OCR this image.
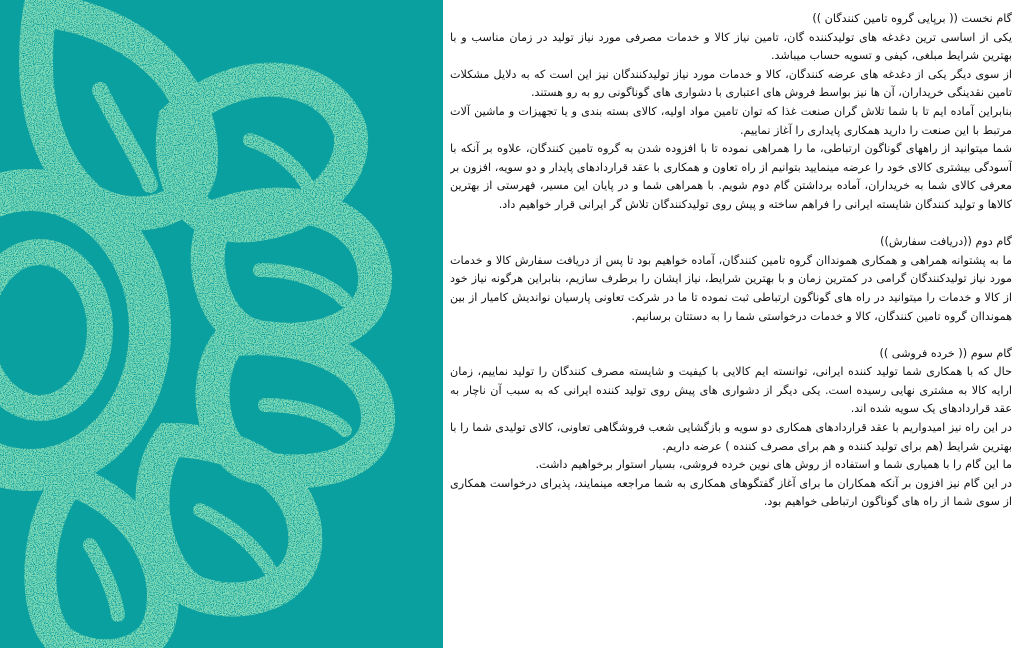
گام نخست (( برپایی گروه تامین کنندگان ))

یکی از اساسی ترین دغدغه های تولیدکننده گان، تامین نیاز کالا و خدمات مصرفی مورد نیاز تولید در زمان مناسب و با بهترین شرایط مبلغی، کیفی و تسویه حساب میباشد.

از سوی دیگر یکی از دغدغه های عرضه کنندگان، کالا و خدمات مورد نیاز تولیدکنندگان نیز این است که به دلایل مشکلات تامین نقدینگی خریداران، آن ها نیز بواسط فروش های اعتباری با دشواری های گوناگونی رو به رو هستند.

بنابراین آماده ایم تا با شما تلاش گران صنعت غذا که توان تامین مواد اولیه، کالای بسته بندی و یا تجهیزات و ماشین آلات مرتبط با این صنعت را دارید همکاری پایداری را آغاز نماییم.

شما میتوانید از راههای گوناگون ارتباطی، ما را همراهی نموده تا با افزوده شدن به گروه تامین کنندگان، علاوه بر آنکه با آسودگی بیشتری کالای خود را عرضه مینمایید بتوانیم از راه تعاون و همکاری با عقد قراردادهای پایدار و دو سویه، افزون بر معرفی کالای شما به خریداران، آماده برداشتن گام دوم شویم. با همراهی شما و در پایان این مسیر، فهرستی از بهترین کالاها و تولید کنندگان شایسته ایرانی را فراهم ساخته و پیش روی تولیدکنندگان تلاش گر ایرانی قرار خواهیم داد.

گام دوم ((دریافت سفارش))

ما به پشتوانه همراهی و همکاری همونداان گروه تامین کنندگان، آماده خواهیم بود تا پس از دریافت سفارش کالا و خدمات مورد نیاز تولیدکنندگان گرامی در کمترین زمان و با بهترین شرایط، نیاز ایشان را برطرف سازیم، بنابراین هرگونه نیاز خود از کالا و خدمات را میتوانید در راه های گوناگون ارتباطی ثبت نموده تا ما در شرکت تعاونی پارسیان نواندیش کامیار از بین همونداان گروه تامین کنندگان، کالا و خدمات درخواستی شما را به دستتان برسانیم.

گام سوم (( خرده فروشی ))

حال که با همکاری شما تولید کننده ایرانی، توانسته ایم کالایی با کیفیت و شایسته مصرف کنندگان را تولید نماییم، زمان ارایه کالا به مشتری نهایی رسیده است. یکی دیگر از دشواری های پیش روی تولید کننده ایرانی که به سبب آن ناچار به عقد قراردادهای یک سویه شده اند.

در این راه نیز امیدواریم با عقد قراردادهای همکاری دو سویه و بازگشایی شعب فروشگاهی تعاونی، کالای تولیدی شما را با بهترین شرایط (هم برای تولید کننده و هم برای مصرف کننده ) عرضه داریم.

ما این گام را با همیاری شما و استفاده از روش های نوین خرده فروشی، بسیار استوار برخواهیم داشت.

در این گام نیز افزون بر آنکه همکاران ما برای آغاز گفتگوهای همکاری به شما مراجعه مینمایند، پذیرای درخواست همکاری از سوی شما از راه های گوناگون ارتباطی خواهیم بود.
